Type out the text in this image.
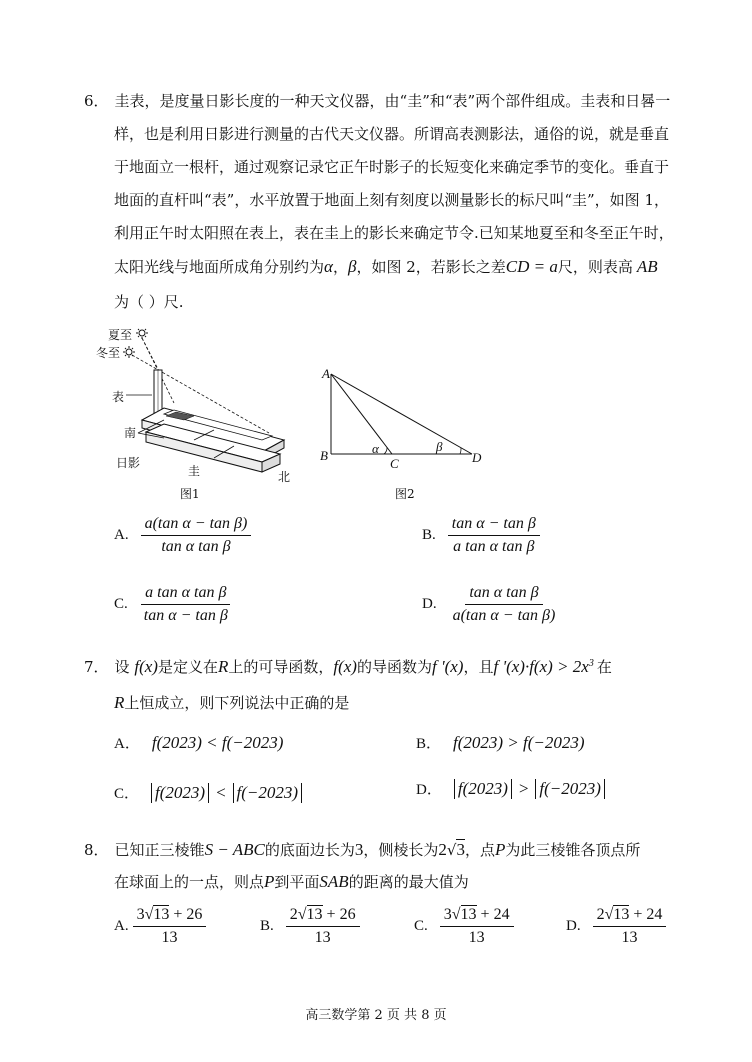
6． 圭表，是度量日影长度的一种天文仪器，由“圭”和“表”两个部件组成。圭表和日晷一
样，也是利用日影进行测量的古代天文仪器。所谓高表测影法，通俗的说，就是垂直
于地面立一根杆，通过观察记录它正午时影子的长短变化来确定季节的变化。垂直于
地面的直杆叫“表”，水平放置于地面上刻有刻度以测量影长的标尺叫“圭”，如图 1，
利用正午时太阳照在表上，表在圭上的影长来确定节令.已知某地夏至和冬至正午时，
太阳光线与地面所成角分别约为α，β，如图 2，若影长之差CD = a尺，则表高 AB
为（ ）尺.
夏至
冬至
表
南
日影
圭	北
图1
A
B
C	D
α	β
图2
A. $\frac{\text{a(tan α − tan β)}}{\text{tan α tan β}}$	B. $\frac{\text{tan α − tan β}}{\text{a tan α tan β}}$
C. $\frac{\text{a tan α tan β}}{\text{tan α − tan β}}$	D. $\frac{\text{tan α tan β}}{\text{a(tan α − tan β)}}$
7． 设 f(x)是定义在R上的可导函数，f(x)的导函数为f '(x)，且f '$(x)\cdot f(x) > 2x^3$ 在
R上恒成立，则下列说法中正确的是
A． f(2023) < f(−2023)	B． f(2023) > f(−2023)
C． f(2023) < f(−2023)	D． f(2023) > f(−2023)
8． 已知正三棱锥S − ABC的底面边长为3，侧棱长为2√3，点P为此三棱锥各顶点所
在球面上的一点，则点P到平面SAB的距离的最大值为
A. $\frac{3√13 + 26}{13}$	B. $\frac{2√13 + 26}{13}$	C. $\frac{3√13 + 24}{13}$	D. $\frac{2√13 + 24}{13}$
高三数学第 2 页 共 8 页
